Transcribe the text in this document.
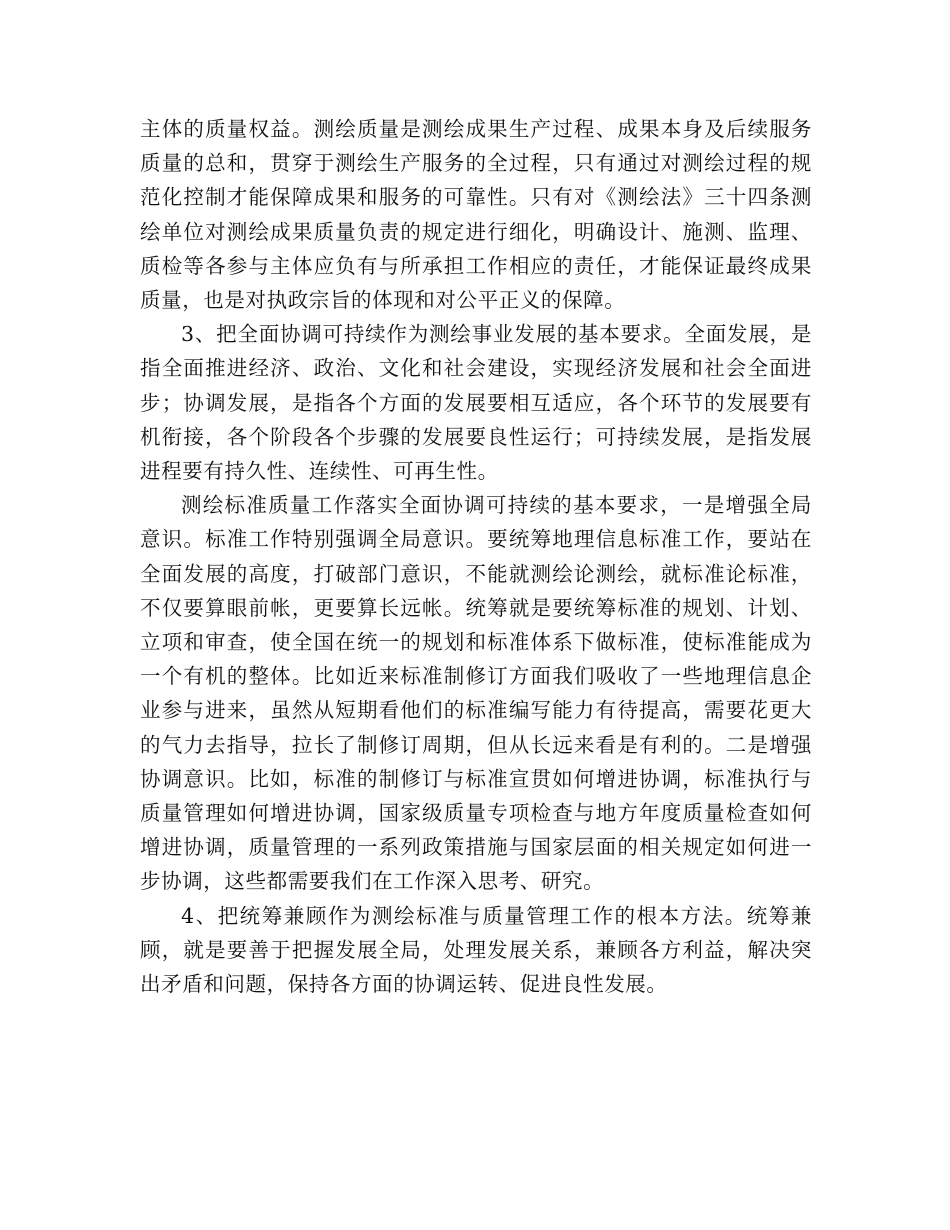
主体的质量权益。测绘质量是测绘成果生产过程、成果本身及后续服务质量的总和，贯穿于测绘生产服务的全过程，只有通过对测绘过程的规范化控制才能保障成果和服务的可靠性。只有对《测绘法》三十四条测绘单位对测绘成果质量负责的规定进行细化，明确设计、施测、监理、质检等各参与主体应负有与所承担工作相应的责任，才能保证最终成果质量，也是对执政宗旨的体现和对公平正义的保障。

3、把全面协调可持续作为测绘事业发展的基本要求。全面发展，是指全面推进经济、政治、文化和社会建设，实现经济发展和社会全面进步；协调发展，是指各个方面的发展要相互适应，各个环节的发展要有机衔接，各个阶段各个步骤的发展要良性运行；可持续发展，是指发展进程要有持久性、连续性、可再生性。

测绘标准质量工作落实全面协调可持续的基本要求，一是增强全局意识。标准工作特别强调全局意识。要统筹地理信息标准工作，要站在全面发展的高度，打破部门意识，不能就测绘论测绘，就标准论标准，不仅要算眼前帐，更要算长远帐。统筹就是要统筹标准的规划、计划、立项和审查，使全国在统一的规划和标准体系下做标准，使标准能成为一个有机的整体。比如近来标准制修订方面我们吸收了一些地理信息企业参与进来，虽然从短期看他们的标准编写能力有待提高，需要花更大的气力去指导，拉长了制修订周期，但从长远来看是有利的。二是增强协调意识。比如，标准的制修订与标准宣贯如何增进协调，标准执行与质量管理如何增进协调，国家级质量专项检查与地方年度质量检查如何增进协调，质量管理的一系列政策措施与国家层面的相关规定如何进一步协调，这些都需要我们在工作深入思考、研究。

4、把统筹兼顾作为测绘标准与质量管理工作的根本方法。统筹兼顾，就是要善于把握发展全局，处理发展关系，兼顾各方利益，解决突出矛盾和问题，保持各方面的协调运转、促进良性发展。
